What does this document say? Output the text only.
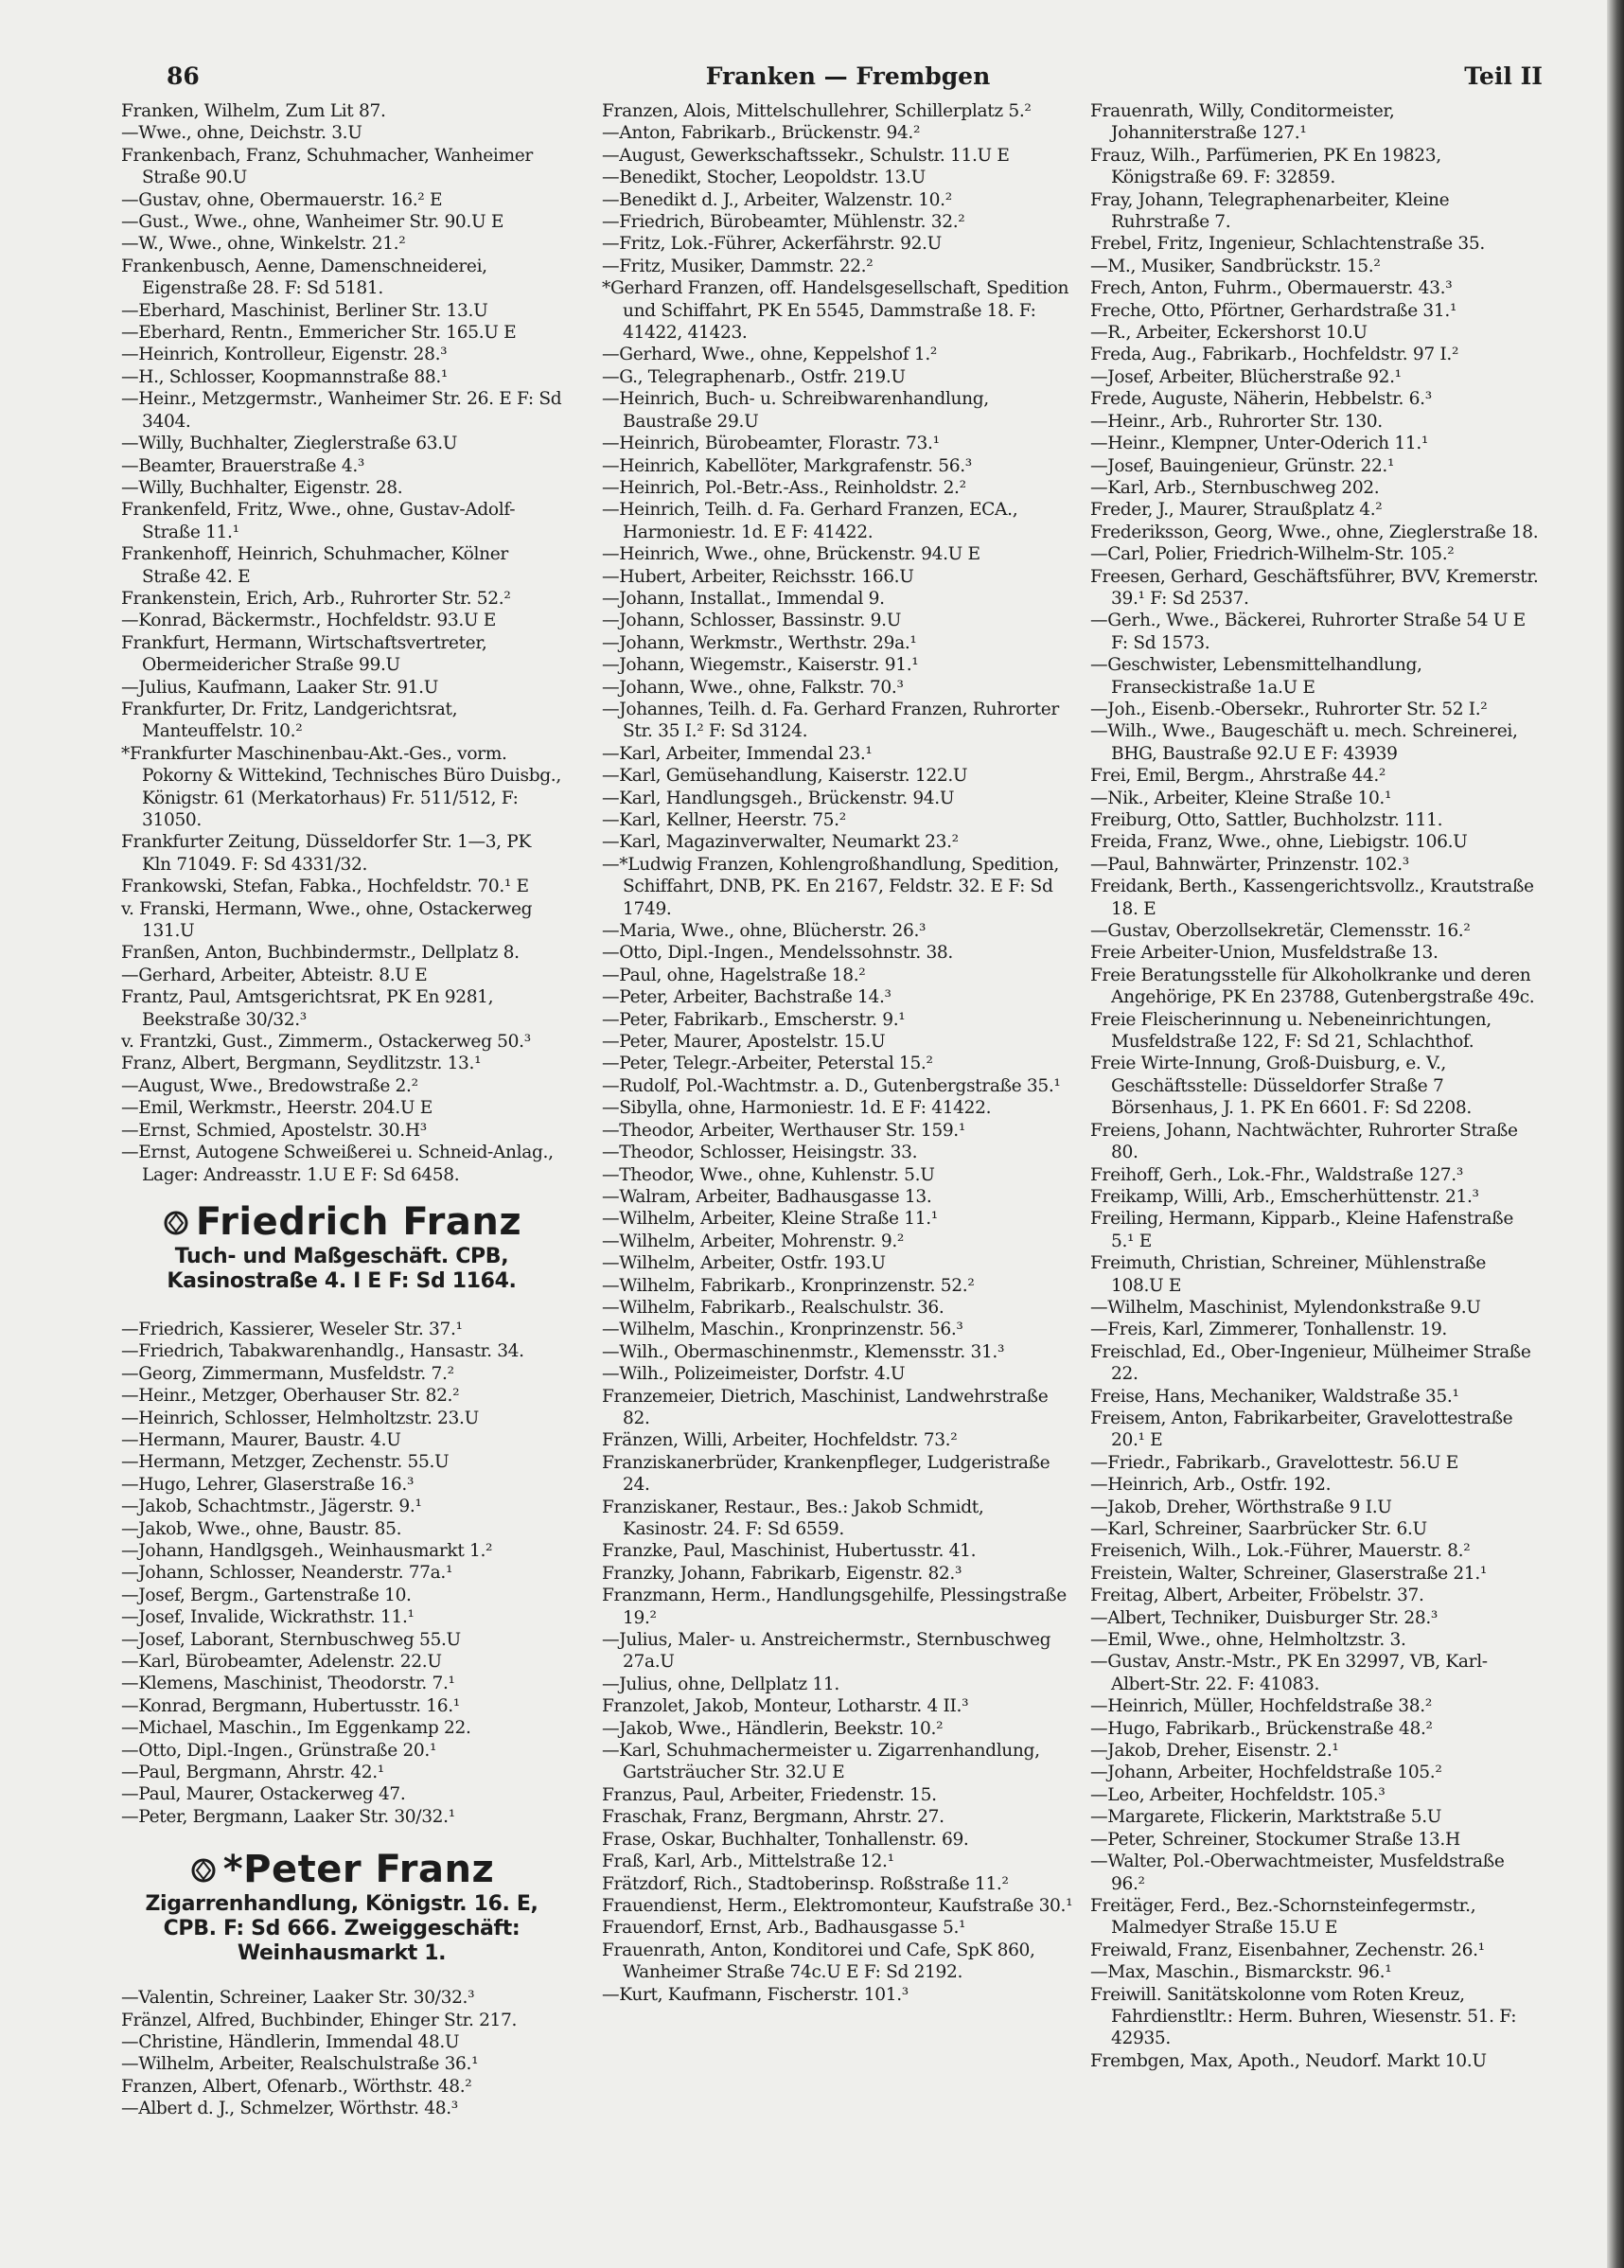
86	Franken — Frembgen	Teil II
Franken, Wilhelm, Zum Lit 87.
—Wwe., ohne, Deichstr. 3.U
Frankenbach, Franz, Schuhmacher, Wanheimer Straße 90.U
—Gustav, ohne, Obermauerstr. 16.² E
—Gust., Wwe., ohne, Wanheimer Str. 90.U E
—W., Wwe., ohne, Winkelstr. 21.²
Frankenbusch, Aenne, Damenschneiderei, Eigenstraße 28. F: Sd 5181.
—Eberhard, Maschinist, Berliner Str. 13.U
—Eberhard, Rentn., Emmericher Str. 165.U E
—Heinrich, Kontrolleur, Eigenstr. 28.³
—H., Schlosser, Koopmannstraße 88.¹
—Heinr., Metzgermstr., Wanheimer Str. 26. E F: Sd 3404.
—Willy, Buchhalter, Zieglerstraße 63.U
—Beamter, Brauerstraße 4.³
—Willy, Buchhalter, Eigenstr. 28.
Frankenfeld, Fritz, Wwe., ohne, Gustav-Adolf-Straße 11.¹
Frankenhoff, Heinrich, Schuhmacher, Kölner Straße 42. E
Frankenstein, Erich, Arb., Ruhrorter Str. 52.²
—Konrad, Bäckermstr., Hochfeldstr. 93.U E
Frankfurt, Hermann, Wirtschaftsvertreter, Obermeidericher Straße 99.U
—Julius, Kaufmann, Laaker Str. 91.U
Frankfurter, Dr. Fritz, Landgerichtsrat, Manteuffelstr. 10.²
*Frankfurter Maschinenbau-Akt.-Ges., vorm. Pokorny & Wittekind, Technisches Büro Duisbg., Königstr. 61 (Merkatorhaus) Fr. 511/512, F: 31050.
Frankfurter Zeitung, Düsseldorfer Str. 1—3, PK Kln 71049. F: Sd 4331/32.
Frankowski, Stefan, Fabka., Hochfeldstr. 70.¹ E
v. Franski, Hermann, Wwe., ohne, Ostackerweg 131.U
Franßen, Anton, Buchbindermstr., Dellplatz 8.
—Gerhard, Arbeiter, Abteistr. 8.U E
Frantz, Paul, Amtsgerichtsrat, PK En 9281, Beekstraße 30/32.³
v. Frantzki, Gust., Zimmerm., Ostackerweg 50.³
Franz, Albert, Bergmann, Seydlitzstr. 13.¹
—August, Wwe., Bredowstraße 2.²
—Emil, Werkmstr., Heerstr. 204.U E
—Ernst, Schmied, Apostelstr. 30.H³
—Ernst, Autogene Schweißerei u. Schneid-Anlag., Lager: Andreasstr. 1.U E F: Sd 6458.
Friedrich Franz
Tuch- und Maßgeschäft. CPB,
Kasinostraße 4. I E F: Sd 1164.
—Friedrich, Kassierer, Weseler Str. 37.¹
—Friedrich, Tabakwarenhandlg., Hansastr. 34.
—Georg, Zimmermann, Musfeldstr. 7.²
—Heinr., Metzger, Oberhauser Str. 82.²
—Heinrich, Schlosser, Helmholtzstr. 23.U
—Hermann, Maurer, Baustr. 4.U
—Hermann, Metzger, Zechenstr. 55.U
—Hugo, Lehrer, Glaserstraße 16.³
—Jakob, Schachtmstr., Jägerstr. 9.¹
—Jakob, Wwe., ohne, Baustr. 85.
—Johann, Handlgsgeh., Weinhausmarkt 1.²
—Johann, Schlosser, Neanderstr. 77a.¹
—Josef, Bergm., Gartenstraße 10.
—Josef, Invalide, Wickrathstr. 11.¹
—Josef, Laborant, Sternbuschweg 55.U
—Karl, Bürobeamter, Adelenstr. 22.U
—Klemens, Maschinist, Theodorstr. 7.¹
—Konrad, Bergmann, Hubertusstr. 16.¹
—Michael, Maschin., Im Eggenkamp 22.
—Otto, Dipl.-Ingen., Grünstraße 20.¹
—Paul, Bergmann, Ahrstr. 42.¹
—Paul, Maurer, Ostackerweg 47.
—Peter, Bergmann, Laaker Str. 30/32.¹
*Peter Franz
Zigarrenhandlung, Königstr. 16. E,
CPB. F: Sd 666. Zweiggeschäft:
Weinhausmarkt 1.
—Valentin, Schreiner, Laaker Str. 30/32.³
Fränzel, Alfred, Buchbinder, Ehinger Str. 217.
—Christine, Händlerin, Immendal 48.U
—Wilhelm, Arbeiter, Realschulstraße 36.¹
Franzen, Albert, Ofenarb., Wörthstr. 48.²
—Albert d. J., Schmelzer, Wörthstr. 48.³
Franzen, Alois, Mittelschullehrer, Schillerplatz 5.²
—Anton, Fabrikarb., Brückenstr. 94.²
—August, Gewerkschaftssekr., Schulstr. 11.U E
—Benedikt, Stocher, Leopoldstr. 13.U
—Benedikt d. J., Arbeiter, Walzenstr. 10.²
—Friedrich, Bürobeamter, Mühlenstr. 32.²
—Fritz, Lok.-Führer, Ackerfährstr. 92.U
—Fritz, Musiker, Dammstr. 22.²
*Gerhard Franzen, off. Handelsgesellschaft, Spedition und Schiffahrt, PK En 5545, Dammstraße 18. F: 41422, 41423.
—Gerhard, Wwe., ohne, Keppelshof 1.²
—G., Telegraphenarb., Ostfr. 219.U
—Heinrich, Buch- u. Schreibwarenhandlung, Baustraße 29.U
—Heinrich, Bürobeamter, Florastr. 73.¹
—Heinrich, Kabellöter, Markgrafenstr. 56.³
—Heinrich, Pol.-Betr.-Ass., Reinholdstr. 2.²
—Heinrich, Teilh. d. Fa. Gerhard Franzen, ECA., Harmoniestr. 1d. E F: 41422.
—Heinrich, Wwe., ohne, Brückenstr. 94.U E
—Hubert, Arbeiter, Reichsstr. 166.U
—Johann, Installat., Immendal 9.
—Johann, Schlosser, Bassinstr. 9.U
—Johann, Werkmstr., Werthstr. 29a.¹
—Johann, Wiegemstr., Kaiserstr. 91.¹
—Johann, Wwe., ohne, Falkstr. 70.³
—Johannes, Teilh. d. Fa. Gerhard Franzen, Ruhrorter Str. 35 I.² F: Sd 3124.
—Karl, Arbeiter, Immendal 23.¹
—Karl, Gemüsehandlung, Kaiserstr. 122.U
—Karl, Handlungsgeh., Brückenstr. 94.U
—Karl, Kellner, Heerstr. 75.²
—Karl, Magazinverwalter, Neumarkt 23.²
—*Ludwig Franzen, Kohlengroßhandlung, Spedition, Schiffahrt, DNB, PK. En 2167, Feldstr. 32. E F: Sd 1749.
—Maria, Wwe., ohne, Blücherstr. 26.³
—Otto, Dipl.-Ingen., Mendelssohnstr. 38.
—Paul, ohne, Hagelstraße 18.²
—Peter, Arbeiter, Bachstraße 14.³
—Peter, Fabrikarb., Emscherstr. 9.¹
—Peter, Maurer, Apostelstr. 15.U
—Peter, Telegr.-Arbeiter, Peterstal 15.²
—Rudolf, Pol.-Wachtmstr. a. D., Gutenbergstraße 35.¹
—Sibylla, ohne, Harmoniestr. 1d. E F: 41422.
—Theodor, Arbeiter, Werthauser Str. 159.¹
—Theodor, Schlosser, Heisingstr. 33.
—Theodor, Wwe., ohne, Kuhlenstr. 5.U
—Walram, Arbeiter, Badhausgasse 13.
—Wilhelm, Arbeiter, Kleine Straße 11.¹
—Wilhelm, Arbeiter, Mohrenstr. 9.²
—Wilhelm, Arbeiter, Ostfr. 193.U
—Wilhelm, Fabrikarb., Kronprinzenstr. 52.²
—Wilhelm, Fabrikarb., Realschulstr. 36.
—Wilhelm, Maschin., Kronprinzenstr. 56.³
—Wilh., Obermaschinenmstr., Klemensstr. 31.³
—Wilh., Polizeimeister, Dorfstr. 4.U
Franzemeier, Dietrich, Maschinist, Landwehrstraße 82.
Fränzen, Willi, Arbeiter, Hochfeldstr. 73.²
Franziskanerbrüder, Krankenpfleger, Ludgeristraße 24.
Franziskaner, Restaur., Bes.: Jakob Schmidt, Kasinostr. 24. F: Sd 6559.
Franzke, Paul, Maschinist, Hubertusstr. 41.
Franzky, Johann, Fabrikarb, Eigenstr. 82.³
Franzmann, Herm., Handlungsgehilfe, Plessingstraße 19.²
—Julius, Maler- u. Anstreichermstr., Sternbuschweg 27a.U
—Julius, ohne, Dellplatz 11.
Franzolet, Jakob, Monteur, Lotharstr. 4 II.³
—Jakob, Wwe., Händlerin, Beekstr. 10.²
—Karl, Schuhmachermeister u. Zigarrenhandlung, Gartsträucher Str. 32.U E
Franzus, Paul, Arbeiter, Friedenstr. 15.
Fraschak, Franz, Bergmann, Ahrstr. 27.
Frase, Oskar, Buchhalter, Tonhallenstr. 69.
Fraß, Karl, Arb., Mittelstraße 12.¹
Frätzdorf, Rich., Stadtoberinsp. Roßstraße 11.²
Frauendienst, Herm., Elektromonteur, Kaufstraße 30.¹
Frauendorf, Ernst, Arb., Badhausgasse 5.¹
Frauenrath, Anton, Konditorei und Cafe, SpK 860, Wanheimer Straße 74c.U E F: Sd 2192.
—Kurt, Kaufmann, Fischerstr. 101.³
Frauenrath, Willy, Conditormeister, Johanniterstraße 127.¹
Frauz, Wilh., Parfümerien, PK En 19823, Königstraße 69. F: 32859.
Fray, Johann, Telegraphenarbeiter, Kleine Ruhrstraße 7.
Frebel, Fritz, Ingenieur, Schlachtenstraße 35.
—M., Musiker, Sandbrückstr. 15.²
Frech, Anton, Fuhrm., Obermauerstr. 43.³
Freche, Otto, Pförtner, Gerhardstraße 31.¹
—R., Arbeiter, Eckershorst 10.U
Freda, Aug., Fabrikarb., Hochfeldstr. 97 I.²
—Josef, Arbeiter, Blücherstraße 92.¹
Frede, Auguste, Näherin, Hebbelstr. 6.³
—Heinr., Arb., Ruhrorter Str. 130.
—Heinr., Klempner, Unter-Oderich 11.¹
—Josef, Bauingenieur, Grünstr. 22.¹
—Karl, Arb., Sternbuschweg 202.
Freder, J., Maurer, Straußplatz 4.²
Frederiksson, Georg, Wwe., ohne, Zieglerstraße 18.
—Carl, Polier, Friedrich-Wilhelm-Str. 105.²
Freesen, Gerhard, Geschäftsführer, BVV, Kremerstr. 39.¹ F: Sd 2537.
—Gerh., Wwe., Bäckerei, Ruhrorter Straße 54 U E F: Sd 1573.
—Geschwister, Lebensmittelhandlung, Franseckistraße 1a.U E
—Joh., Eisenb.-Obersekr., Ruhrorter Str. 52 I.²
—Wilh., Wwe., Baugeschäft u. mech. Schreinerei, BHG, Baustraße 92.U E F: 43939
Frei, Emil, Bergm., Ahrstraße 44.²
—Nik., Arbeiter, Kleine Straße 10.¹
Freiburg, Otto, Sattler, Buchholzstr. 111.
Freida, Franz, Wwe., ohne, Liebigstr. 106.U
—Paul, Bahnwärter, Prinzenstr. 102.³
Freidank, Berth., Kassengerichtsvollz., Krautstraße 18. E
—Gustav, Oberzollsekretär, Clemensstr. 16.²
Freie Arbeiter-Union, Musfeldstraße 13.
Freie Beratungsstelle für Alkoholkranke und deren Angehörige, PK En 23788, Gutenbergstraße 49c.
Freie Fleischerinnung u. Nebeneinrichtungen, Musfeldstraße 122, F: Sd 21, Schlachthof.
Freie Wirte-Innung, Groß-Duisburg, e. V., Geschäftsstelle: Düsseldorfer Straße 7 Börsenhaus, J. 1. PK En 6601. F: Sd 2208.
Freiens, Johann, Nachtwächter, Ruhrorter Straße 80.
Freihoff, Gerh., Lok.-Fhr., Waldstraße 127.³
Freikamp, Willi, Arb., Emscherhüttenstr. 21.³
Freiling, Hermann, Kipparb., Kleine Hafenstraße 5.¹ E
Freimuth, Christian, Schreiner, Mühlenstraße 108.U E
—Wilhelm, Maschinist, Mylendonkstraße 9.U
—Freis, Karl, Zimmerer, Tonhallenstr. 19.
Freischlad, Ed., Ober-Ingenieur, Mülheimer Straße 22.
Freise, Hans, Mechaniker, Waldstraße 35.¹
Freisem, Anton, Fabrikarbeiter, Gravelottestraße 20.¹ E
—Friedr., Fabrikarb., Gravelottestr. 56.U E
—Heinrich, Arb., Ostfr. 192.
—Jakob, Dreher, Wörthstraße 9 I.U
—Karl, Schreiner, Saarbrücker Str. 6.U
Freisenich, Wilh., Lok.-Führer, Mauerstr. 8.²
Freistein, Walter, Schreiner, Glaserstraße 21.¹
Freitag, Albert, Arbeiter, Fröbelstr. 37.
—Albert, Techniker, Duisburger Str. 28.³
—Emil, Wwe., ohne, Helmholtzstr. 3.
—Gustav, Anstr.-Mstr., PK En 32997, VB, Karl-Albert-Str. 22. F: 41083.
—Heinrich, Müller, Hochfeldstraße 38.²
—Hugo, Fabrikarb., Brückenstraße 48.²
—Jakob, Dreher, Eisenstr. 2.¹
—Johann, Arbeiter, Hochfeldstraße 105.²
—Leo, Arbeiter, Hochfeldstr. 105.³
—Margarete, Flickerin, Marktstraße 5.U
—Peter, Schreiner, Stockumer Straße 13.H
—Walter, Pol.-Oberwachtmeister, Musfeldstraße 96.²
Freitäger, Ferd., Bez.-Schornsteinfegermstr., Malmedyer Straße 15.U E
Freiwald, Franz, Eisenbahner, Zechenstr. 26.¹
—Max, Maschin., Bismarckstr. 96.¹
Freiwill. Sanitätskolonne vom Roten Kreuz, Fahrdienstltr.: Herm. Buhren, Wiesenstr. 51. F: 42935.
Frembgen, Max, Apoth., Neudorf. Markt 10.U
